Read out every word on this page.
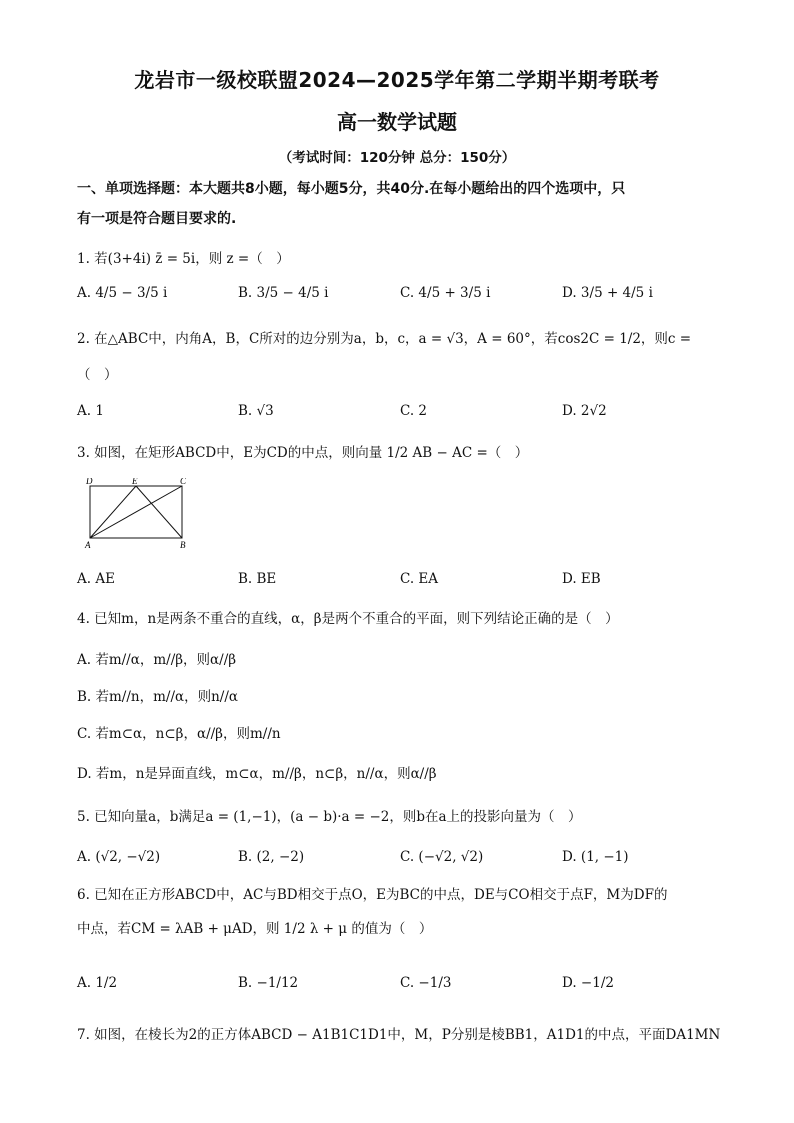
龙岩市一级校联盟2024—2025学年第二学期半期考联考
高一数学试题
（考试时间：120分钟 总分：150分）
一、单项选择题：本大题共8小题，每小题5分，共40分.在每小题给出的四个选项中，只
有一项是符合题目要求的.
1. 若(3+4i) z̄ = 5i，则 z =（　）
A. 4/5 − 3/5 i	B. 3/5 − 4/5 i	C. 4/5 + 3/5 i	D. 3/5 + 4/5 i
2. 在△ABC中，内角A，B，C所对的边分别为a，b，c，a = √3，A = 60°，若cos2C = 1/2，则c =
（　）
A. 1	B. √3	C. 2	D. 2√2
3. 如图，在矩形ABCD中，E为CD的中点，则向量 1/2 AB − AC =（　）
D	E	C
A	B
A. AE	B. BE	C. EA	D. EB
4. 已知m，n是两条不重合的直线，α，β是两个不重合的平面，则下列结论正确的是（　）
A. 若m//α，m//β，则α//β
B. 若m//n，m//α，则n//α
C. 若m⊂α，n⊂β，α//β，则m//n
D. 若m，n是异面直线，m⊂α，m//β，n⊂β，n//α，则α//β
5. 已知向量a，b满足a = (1,−1)，(a − b)·a = −2，则b在a上的投影向量为（　）
A. (√2, −√2)	B. (2, −2)	C. (−√2, √2)	D. (1, −1)
6. 已知在正方形ABCD中，AC与BD相交于点O，E为BC的中点，DE与CO相交于点F，M为DF的
中点，若CM = λAB + μAD，则 1/2 λ + μ 的值为（　）
A. 1/2	B. −1/12	C. −1/3	D. −1/2
7. 如图，在棱长为2的正方体ABCD − A1B1C1D1中，M，P分别是棱BB1，A1D1的中点，平面DA1MN
